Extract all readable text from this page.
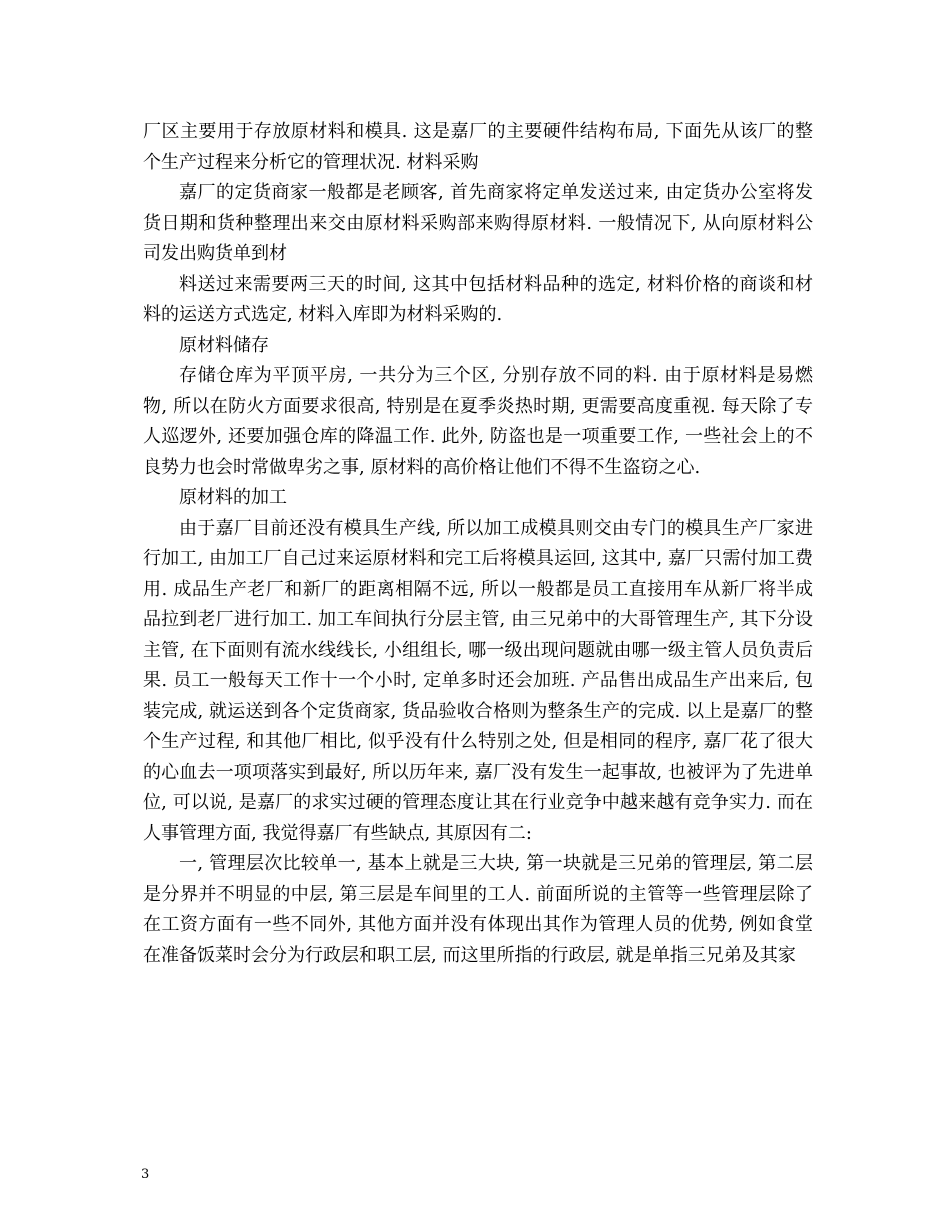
厂区主要用于存放原材料和模具. 这是嘉厂的主要硬件结构布局, 下面先从该厂的整个生产过程来分析它的管理状况. 材料采购

嘉厂的定货商家一般都是老顾客, 首先商家将定单发送过来, 由定货办公室将发货日期和货种整理出来交由原材料采购部来购得原材料. 一般情况下, 从向原材料公司发出购货单到材

料送过来需要两三天的时间, 这其中包括材料品种的选定, 材料价格的商谈和材料的运送方式选定, 材料入库即为材料采购的.

原材料储存

存储仓库为平顶平房, 一共分为三个区, 分别存放不同的料. 由于原材料是易燃物, 所以在防火方面要求很高, 特别是在夏季炎热时期, 更需要高度重视. 每天除了专人巡逻外, 还要加强仓库的降温工作. 此外, 防盗也是一项重要工作, 一些社会上的不良势力也会时常做卑劣之事, 原材料的高价格让他们不得不生盗窃之心.

原材料的加工

由于嘉厂目前还没有模具生产线, 所以加工成模具则交由专门的模具生产厂家进行加工, 由加工厂自己过来运原材料和完工后将模具运回, 这其中, 嘉厂只需付加工费用. 成品生产老厂和新厂的距离相隔不远, 所以一般都是员工直接用车从新厂将半成品拉到老厂进行加工. 加工车间执行分层主管, 由三兄弟中的大哥管理生产, 其下分设主管, 在下面则有流水线线长, 小组组长, 哪一级出现问题就由哪一级主管人员负责后果. 员工一般每天工作十一个小时, 定单多时还会加班. 产品售出成品生产出来后, 包装完成, 就运送到各个定货商家, 货品验收合格则为整条生产的完成. 以上是嘉厂的整个生产过程, 和其他厂相比, 似乎没有什么特别之处, 但是相同的程序, 嘉厂花了很大的心血去一项项落实到最好, 所以历年来, 嘉厂没有发生一起事故, 也被评为了先进单位, 可以说, 是嘉厂的求实过硬的管理态度让其在行业竞争中越来越有竞争实力. 而在人事管理方面, 我觉得嘉厂有些缺点, 其原因有二:

一, 管理层次比较单一, 基本上就是三大块, 第一块就是三兄弟的管理层, 第二层是分界并不明显的中层, 第三层是车间里的工人. 前面所说的主管等一些管理层除了在工资方面有一些不同外, 其他方面并没有体现出其作为管理人员的优势, 例如食堂在准备饭菜时会分为行政层和职工层, 而这里所指的行政层, 就是单指三兄弟及其家

3
